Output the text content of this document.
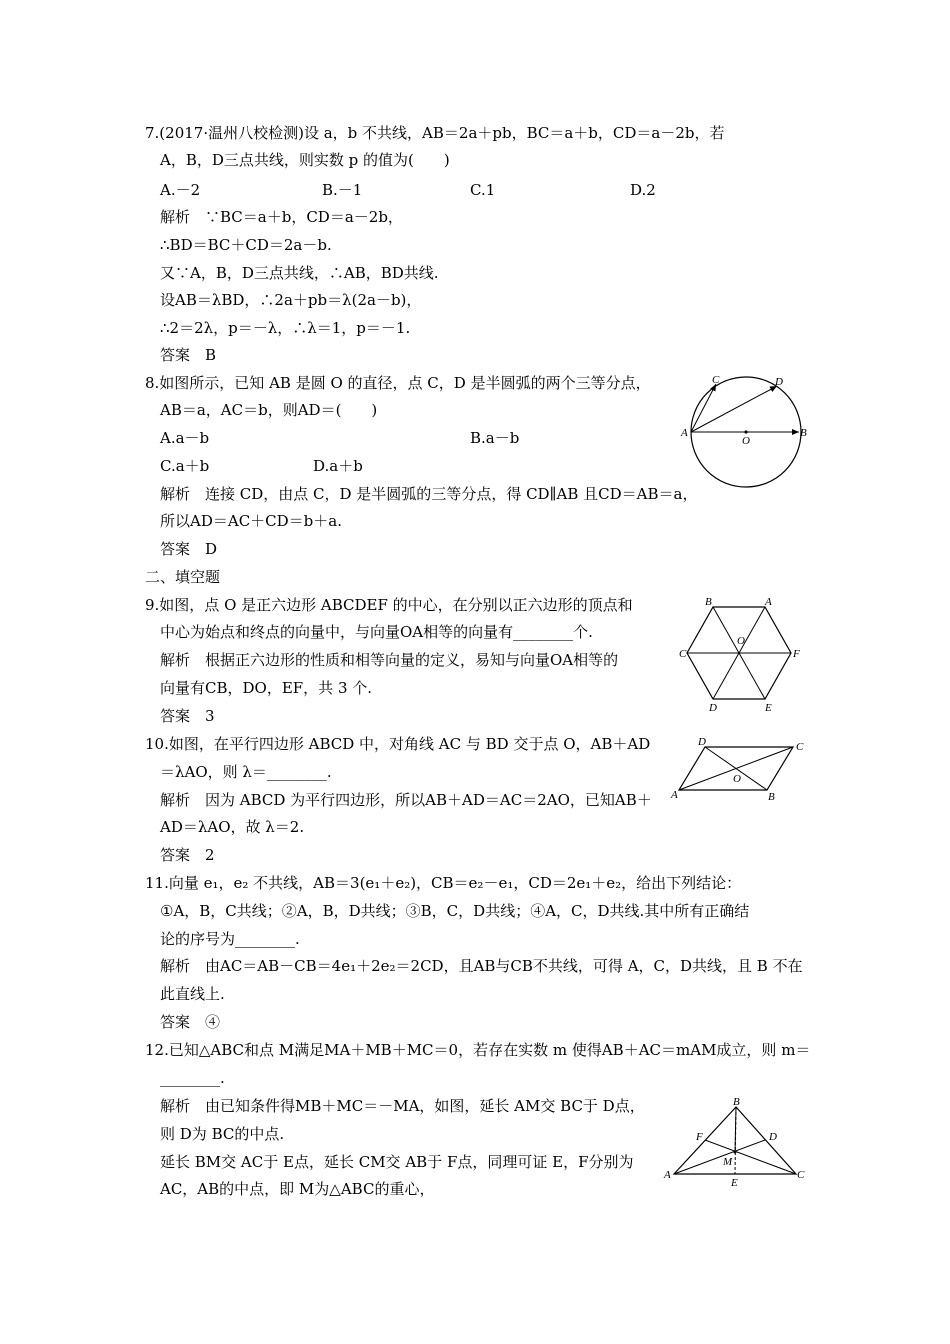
7.(2017·温州八校检测)设 a，b 不共线，AB＝2a＋pb，BC＝a＋b，CD＝a－2b，若
A，B，D三点共线，则实数 p 的值为(　　)
A.－2	B.－1	C.1	D.2
解析　∵BC＝a＋b，CD＝a－2b，
∴BD＝BC＋CD＝2a－b.
又∵A，B，D三点共线，∴AB，BD共线.
设AB＝λBD，∴2a＋pb＝λ(2a－b)，
∴2＝2λ，p＝－λ，∴λ＝1，p＝－1.
答案　B
8.如图所示，已知 AB 是圆 O 的直径，点 C，D 是半圆弧的两个三等分点，
AB＝a，AC＝b，则AD＝(　　)
A.a－b	B.a－b
C.a＋b	D.a＋b
解析　连接 CD，由点 C，D 是半圆弧的三等分点，得 CD∥AB 且CD＝AB＝a，
所以AD＝AC＋CD＝b＋a.
答案　D
二、填空题
9.如图，点 O 是正六边形 ABCDEF 的中心，在分别以正六边形的顶点和
中心为始点和终点的向量中，与向量OA相等的向量有________个.
解析　根据正六边形的性质和相等向量的定义，易知与向量OA相等的
向量有CB，DO，EF，共 3 个.
答案　3
10.如图，在平行四边形 ABCD 中，对角线 AC 与 BD 交于点 O，AB＋AD
＝λAO，则 λ＝________.
解析　因为 ABCD 为平行四边形，所以AB＋AD＝AC＝2AO，已知AB＋
AD＝λAO，故 λ＝2.
答案　2
11.向量 e₁，e₂ 不共线，AB＝3(e₁＋e₂)，CB＝e₂－e₁，CD＝2e₁＋e₂，给出下列结论：
①A，B，C共线；②A，B，D共线；③B，C，D共线；④A，C，D共线.其中所有正确结
论的序号为________.
解析　由AC＝AB－CB＝4e₁＋2e₂＝2CD，且AB与CB不共线，可得 A，C，D共线，且 B 不在
此直线上.
答案　④
12.已知△ABC和点 M满足MA＋MB＋MC＝0，若存在实数 m 使得AB＋AC＝mAM成立，则 m＝
________.
解析　由已知条件得MB＋MC＝－MA，如图，延长 AM交 BC于 D点，
则 D为 BC的中点.
延长 BM交 AC于 E点，延长 CM交 AB于 F点，同理可证 E，F分别为
AC，AB的中点，即 M为△ABC的重心，
C	D
A
O
B
B	A
O
C	F
D	E
D	C
O
A	B
B
F	D
M
A
E
C
